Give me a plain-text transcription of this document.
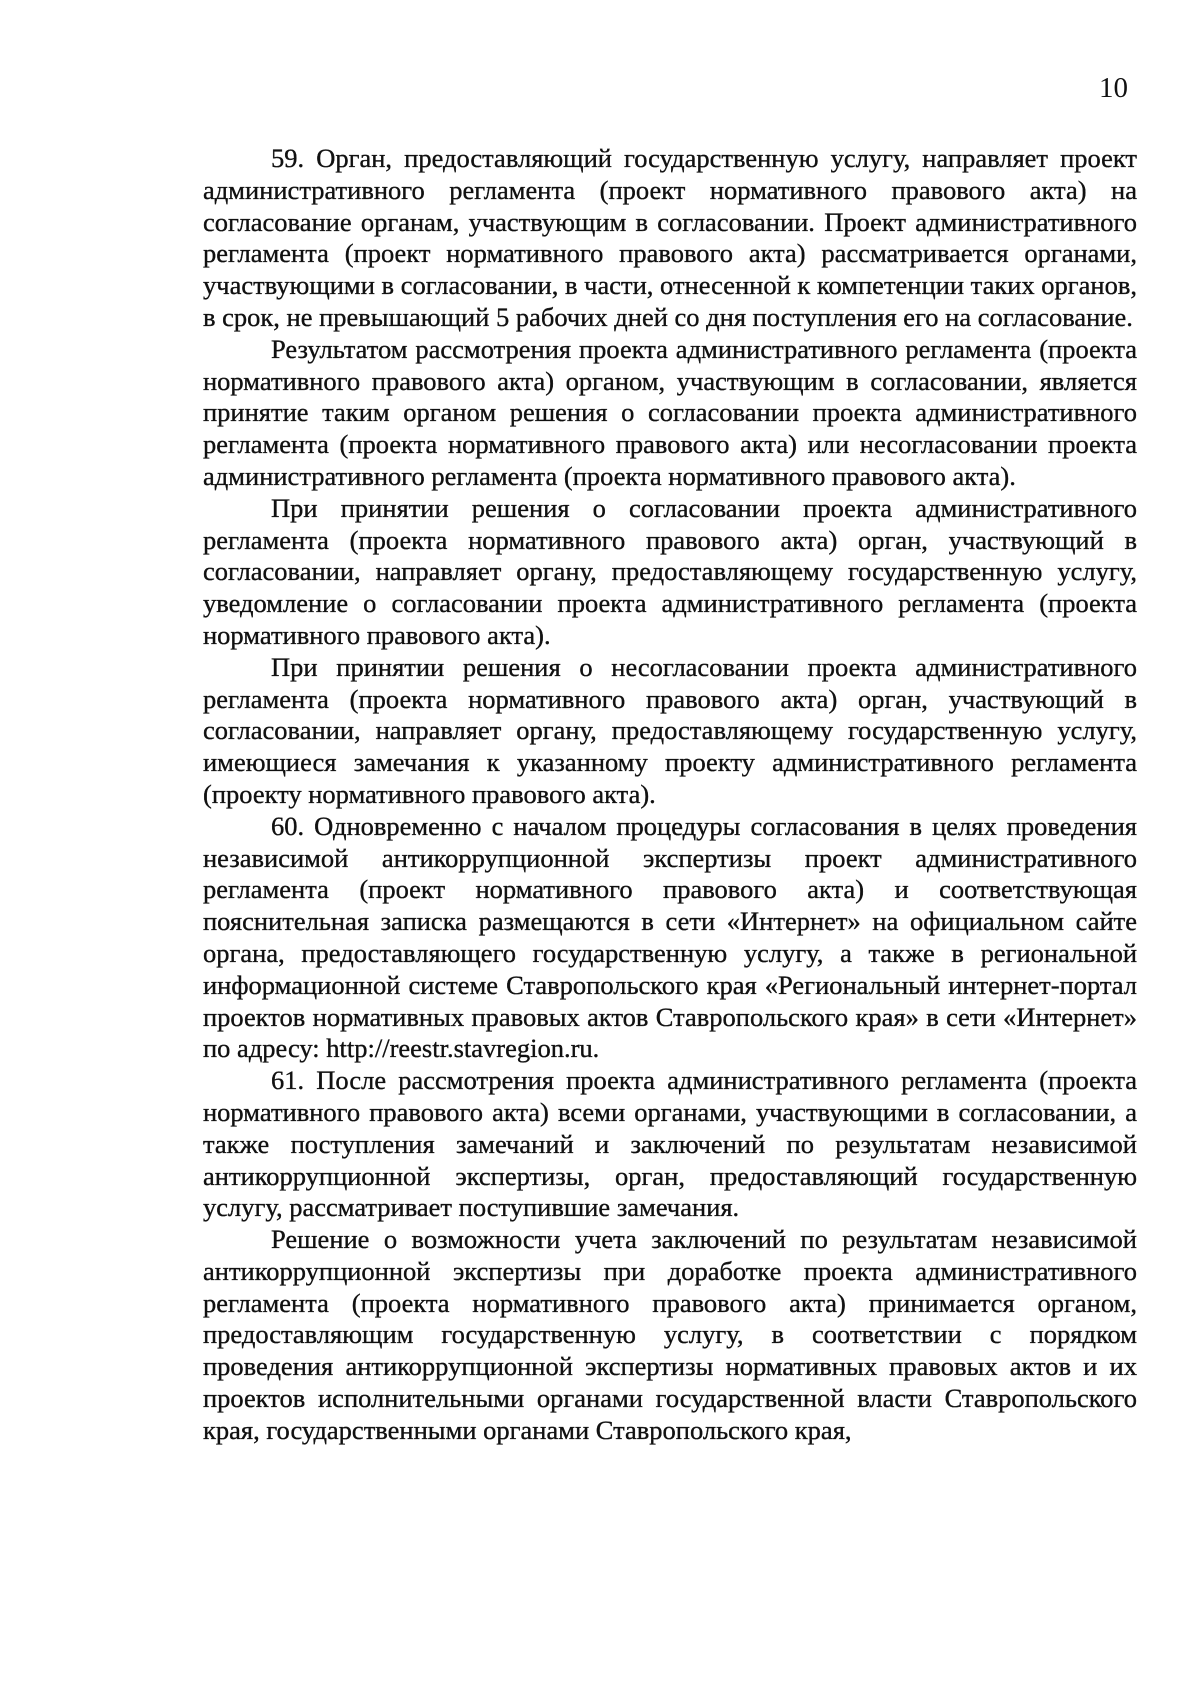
10

59. Орган, предоставляющий государственную услугу, направляет проект административного регламента (проект нормативного правового акта) на согласование органам, участвующим в согласовании. Проект административного регламента (проект нормативного правового акта) рассматривается органами, участвующими в согласовании, в части, отнесенной к компетенции таких органов, в срок, не превышающий 5 рабочих дней со дня поступления его на согласование.

Результатом рассмотрения проекта административного регламента (проекта нормативного правового акта) органом, участвующим в согласовании, является принятие таким органом решения о согласовании проекта административного регламента (проекта нормативного правового акта) или несогласовании проекта административного регламента (проекта нормативного правового акта).

При принятии решения о согласовании проекта административного регламента (проекта нормативного правового акта) орган, участвующий в согласовании, направляет органу, предоставляющему государственную услугу, уведомление о согласовании проекта административного регламента (проекта нормативного правового акта).

При принятии решения о несогласовании проекта административного регламента (проекта нормативного правового акта) орган, участвующий в согласовании, направляет органу, предоставляющему государственную услугу, имеющиеся замечания к указанному проекту административного регламента (проекту нормативного правового акта).

60. Одновременно с началом процедуры согласования в целях проведения независимой антикоррупционной экспертизы проект административного регламента (проект нормативного правового акта) и соответствующая пояснительная записка размещаются в сети «Интернет» на официальном сайте органа, предоставляющего государственную услугу, а также в региональной информационной системе Ставропольского края «Региональный интернет-портал проектов нормативных правовых актов Ставропольского края» в сети «Интернет» по адресу: http://reestr.stavregion.ru.

61. После рассмотрения проекта административного регламента (проекта нормативного правового акта) всеми органами, участвующими в согласовании, а также поступления замечаний и заключений по результатам независимой антикоррупционной экспертизы, орган, предоставляющий государственную услугу, рассматривает поступившие замечания.

Решение о возможности учета заключений по результатам независимой антикоррупционной экспертизы при доработке проекта административного регламента (проекта нормативного правового акта) принимается органом, предоставляющим государственную услугу, в соответствии с порядком проведения антикоррупционной экспертизы нормативных правовых актов и их проектов исполнительными органами государственной власти Ставропольского края, государственными органами Ставропольского края,
